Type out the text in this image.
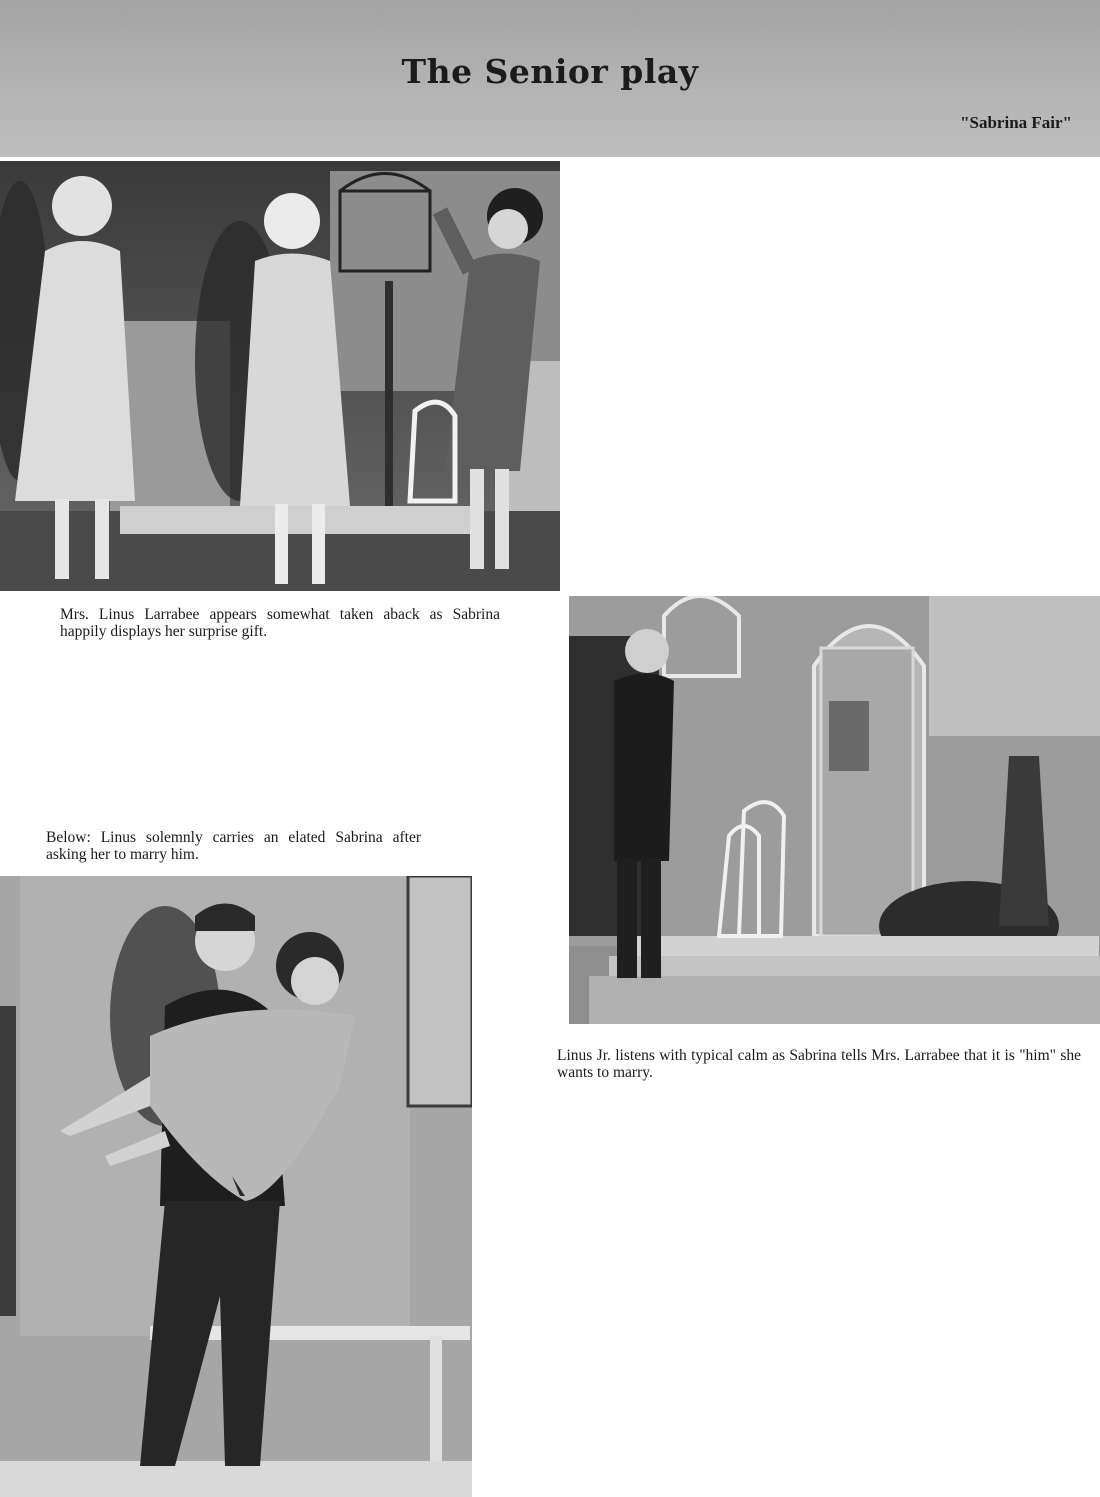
The Senior play
"Sabrina Fair"

Mrs. Linus Larrabee appears somewhat taken aback as Sabrina happily displays her surprise gift.

Below: Linus solemnly carries an elated Sabrina after asking her to marry him.

Linus Jr. listens with typical calm as Sabrina tells Mrs. Larrabee that it is "him" she wants to marry.
